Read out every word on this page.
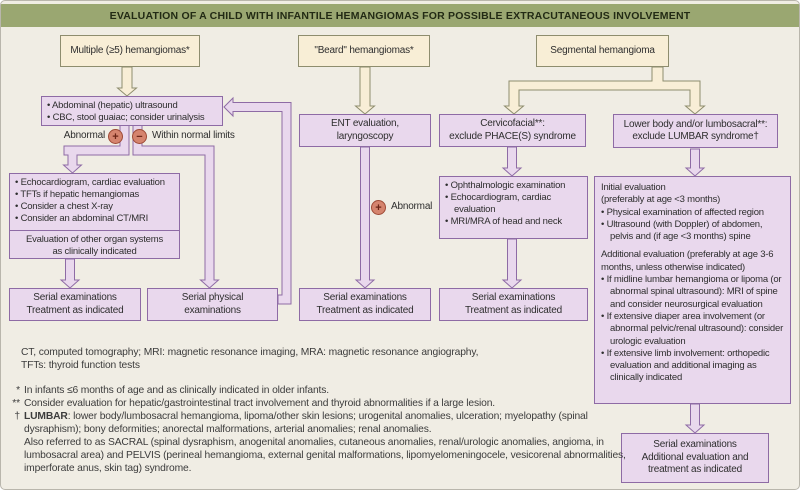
EVALUATION OF A CHILD WITH INFANTILE HEMANGIOMAS FOR POSSIBLE EXTRACUTANEOUS INVOLVEMENT
Multiple (≥5) hemangiomas*	"Beard" hemangiomas*	Segmental hemangioma
• Abdominal (hepatic) ultrasound
• CBC, stool guaiac; consider urinalysis
Abnormal +	− Within normal limits
• Echocardiogram, cardiac evaluation
• TFTs if hepatic hemangiomas
• Consider a chest X-ray
• Consider an abdominal CT/MRI
Evaluation of other organ systems
as clinically indicated
Serial examinations
Treatment as indicated
Serial physical
examinations
ENT evaluation,
laryngoscopy
+ Abnormal
Serial examinations
Treatment as indicated
Cervicofacial**:
exclude PHACE(S) syndrome
• Ophthalmologic examination
• Echocardiogram, cardiac evaluation
• MRI/MRA of head and neck
Serial examinations
Treatment as indicated
Lower body and/or lumbosacral**:
exclude LUMBAR syndrome†
Initial evaluation
(preferably at age <3 months)
• Physical examination of affected region
• Ultrasound (with Doppler) of abdomen, pelvis and (if age <3 months) spine
Additional evaluation (preferably at age 3-6 months, unless otherwise indicated)
• If midline lumbar hemangioma or lipoma (or abnormal spinal ultrasound): MRI of spine and consider neurosurgical evaluation
• If extensive diaper area involvement (or abnormal pelvic/renal ultrasound): consider urologic evaluation
• If extensive limb involvement: orthopedic evaluation and additional imaging as clinically indicated
Serial examinations
Additional evaluation and
treatment as indicated
CT, computed tomography; MRI: magnetic resonance imaging, MRA: magnetic resonance angiography,
TFTs: thyroid function tests
* In infants ≤6 months of age and as clinically indicated in older infants.
** Consider evaluation for hepatic/gastrointestinal tract involvement and thyroid abnormalities if a large lesion.
† LUMBAR: lower body/lumbosacral hemangioma, lipoma/other skin lesions; urogenital anomalies, ulceration; myelopathy (spinal dysraphism); bony deformities; anorectal malformations, arterial anomalies; renal anomalies.
Also referred to as SACRAL (spinal dysraphism, anogenital anomalies, cutaneous anomalies, renal/urologic anomalies, angioma, in lumbosacral area) and PELVIS (perineal hemangioma, external genital malformations, lipomyelomeningocele, vesicorenal abnormalities, imperforate anus, skin tag) syndrome.
